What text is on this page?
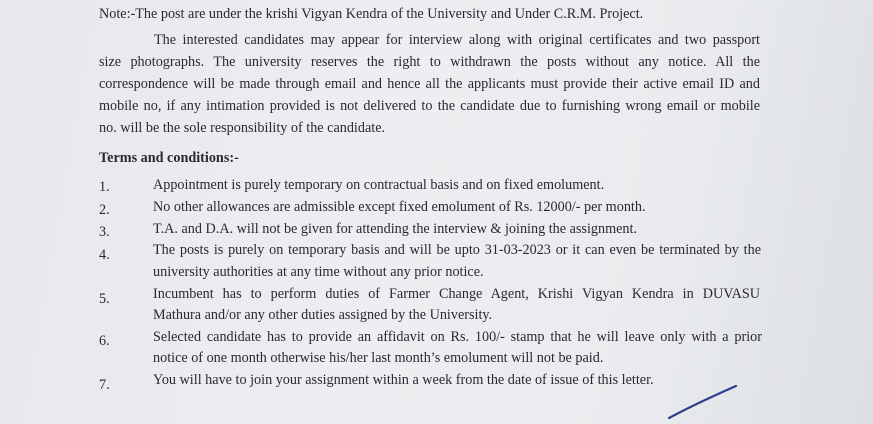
Note:-The post are under the krishi Vigyan Kendra of the University and Under C.R.M. Project.
The interested candidates may appear for interview along with original certificates and two passport
size photographs. The university reserves the right to withdrawn the posts without any notice. All the
correspondence will be made through email and hence all the applicants must provide their active email ID and
mobile no, if any intimation provided is not delivered to the candidate due to furnishing wrong email or mobile
no. will be the sole responsibility of the candidate.
Terms and conditions:-
1.	Appointment is purely temporary on contractual basis and on fixed emolument.
2.	No other allowances are admissible except fixed emolument of Rs. 12000/- per month.
3.	T.A. and D.A. will not be given for attending the interview & joining the assignment.
4.	The posts is purely on temporary basis and will be upto 31-03-2023 or it can even be terminated by the
university authorities at any time without any prior notice.
5.	Incumbent has to perform duties of Farmer Change Agent, Krishi Vigyan Kendra in DUVASU
Mathura and/or any other duties assigned by the University.
6.	Selected candidate has to provide an affidavit on Rs. 100/- stamp that he will leave only with a prior
notice of one month otherwise his/her last month’s emolument will not be paid.
7.	You will have to join your assignment within a week from the date of issue of this letter.
